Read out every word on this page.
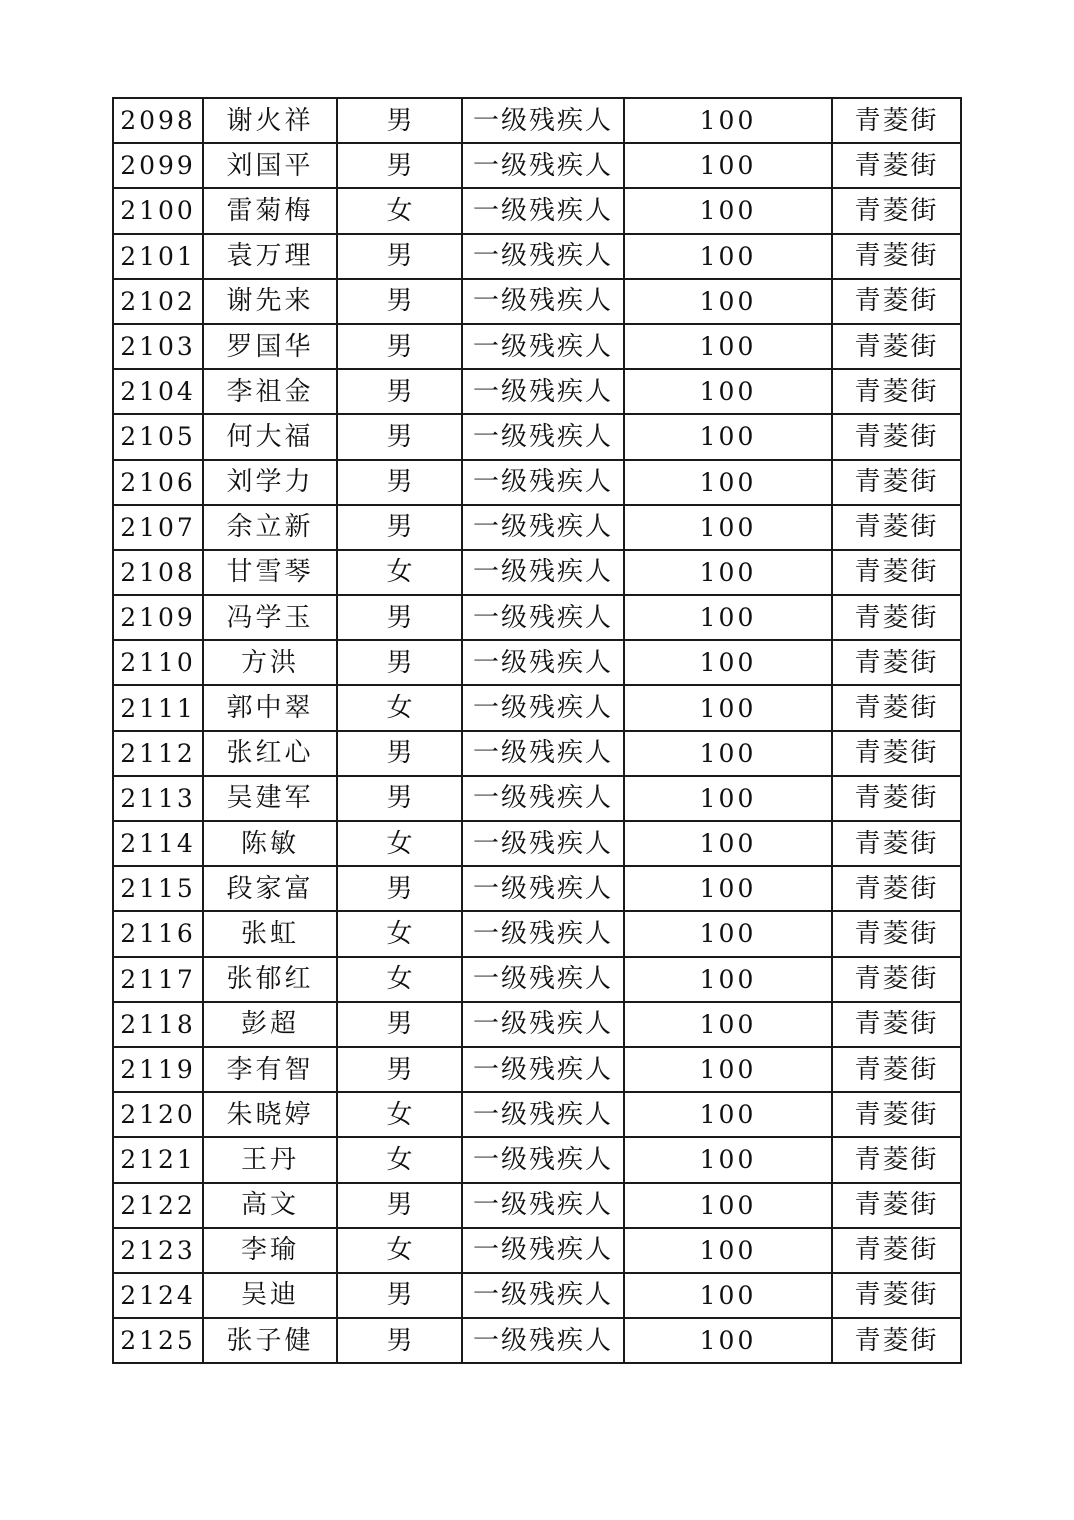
2098	谢火祥	男	一级残疾人	100	青菱街
2099	刘国平	男	一级残疾人	100	青菱街
2100	雷菊梅	女	一级残疾人	100	青菱街
2101	袁万理	男	一级残疾人	100	青菱街
2102	谢先来	男	一级残疾人	100	青菱街
2103	罗国华	男	一级残疾人	100	青菱街
2104	李祖金	男	一级残疾人	100	青菱街
2105	何大福	男	一级残疾人	100	青菱街
2106	刘学力	男	一级残疾人	100	青菱街
2107	余立新	男	一级残疾人	100	青菱街
2108	甘雪琴	女	一级残疾人	100	青菱街
2109	冯学玉	男	一级残疾人	100	青菱街
2110	方洪	男	一级残疾人	100	青菱街
2111	郭中翠	女	一级残疾人	100	青菱街
2112	张红心	男	一级残疾人	100	青菱街
2113	吴建军	男	一级残疾人	100	青菱街
2114	陈敏	女	一级残疾人	100	青菱街
2115	段家富	男	一级残疾人	100	青菱街
2116	张虹	女	一级残疾人	100	青菱街
2117	张郁红	女	一级残疾人	100	青菱街
2118	彭超	男	一级残疾人	100	青菱街
2119	李有智	男	一级残疾人	100	青菱街
2120	朱晓婷	女	一级残疾人	100	青菱街
2121	王丹	女	一级残疾人	100	青菱街
2122	高文	男	一级残疾人	100	青菱街
2123	李瑜	女	一级残疾人	100	青菱街
2124	吴迪	男	一级残疾人	100	青菱街
2125	张子健	男	一级残疾人	100	青菱街
